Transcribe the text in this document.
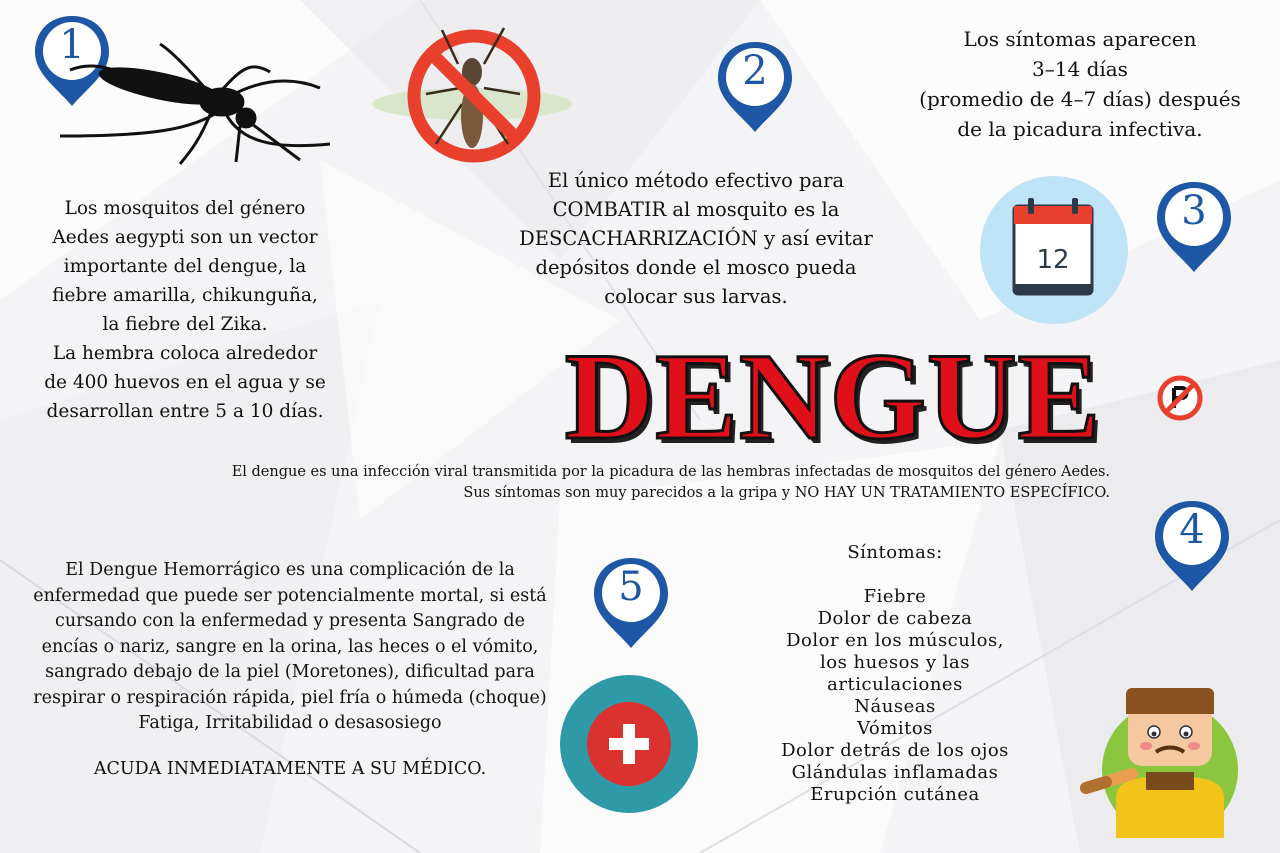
1
2
3
4
5
12
Los mosquitos del género
Aedes aegypti son un vector
importante del dengue, la
fiebre amarilla, chikunguña,
la fiebre del Zika.
La hembra coloca alrededor
de 400 huevos en el agua y se
desarrollan entre 5 a 10 días.
El único método efectivo para
COMBATIR al mosquito es la
DESCACHARRIZACIÓN y así evitar
depósitos donde el mosco pueda
colocar sus larvas.
Los síntomas aparecen
3–14 días
(promedio de 4–7 días) después
de la picadura infectiva.
DENGUE
El dengue es una infección viral transmitida por la picadura de las hembras infectadas de mosquitos del género Aedes.
Sus síntomas son muy parecidos a la gripa y NO HAY UN TRATAMIENTO ESPECÍFICO.
El Dengue Hemorrágico es una complicación de la
enfermedad que puede ser potencialmente mortal, si está
cursando con la enfermedad y presenta Sangrado de
encías o nariz, sangre en la orina, las heces o el vómito,
sangrado debajo de la piel (Moretones), dificultad para
respirar o respiración rápida, piel fría o húmeda (choque)
Fatiga, Irritabilidad o desasosiego
ACUDA INMEDIATAMENTE A SU MÉDICO.
Síntomas:
Fiebre
Dolor de cabeza
Dolor en los músculos,
los huesos y las
articulaciones
Náuseas
Vómitos
Dolor detrás de los ojos
Glándulas inflamadas
Erupción cutánea
